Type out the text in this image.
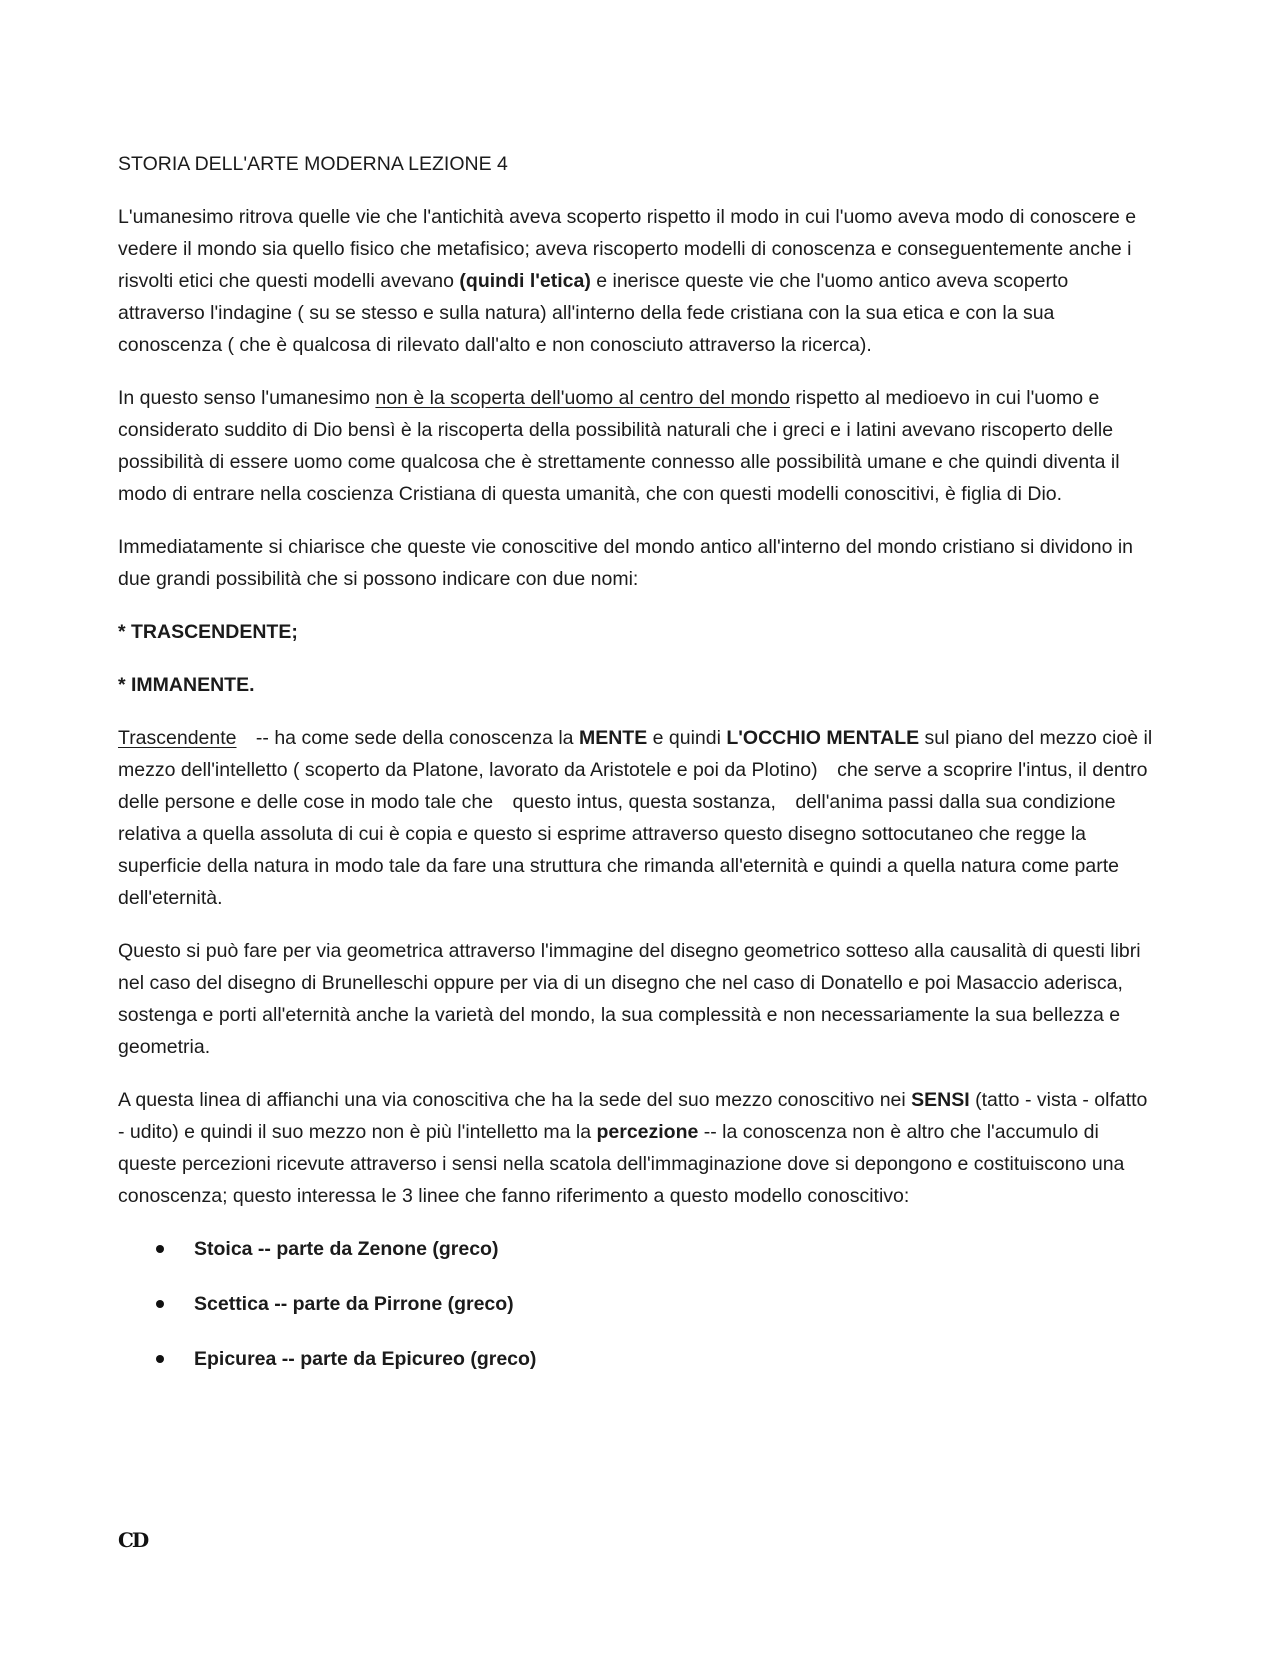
STORIA DELL'ARTE MODERNA LEZIONE 4

L'umanesimo ritrova quelle vie che l'antichità aveva scoperto rispetto il modo in cui l'uomo aveva modo di conoscere e vedere il mondo sia quello fisico che metafisico; aveva riscoperto modelli di conoscenza e conseguentemente anche i risvolti etici che questi modelli avevano (quindi l'etica) e inerisce queste vie che l'uomo antico aveva scoperto attraverso l'indagine ( su se stesso e sulla natura) all'interno della fede cristiana con la sua etica e con la sua conoscenza ( che è qualcosa di rilevato dall'alto e non conosciuto attraverso la ricerca).

In questo senso l'umanesimo non è la scoperta dell'uomo al centro del mondo rispetto al medioevo in cui l'uomo e considerato suddito di Dio bensì è la riscoperta della possibilità naturali che i greci e i latini avevano riscoperto delle possibilità di essere uomo come qualcosa che è strettamente connesso alle possibilità umane e che quindi diventa il modo di entrare nella coscienza Cristiana di questa umanità, che con questi modelli conoscitivi, è figlia di Dio.

Immediatamente si chiarisce che queste vie conoscitive del mondo antico all'interno del mondo cristiano si dividono in due grandi possibilità che si possono indicare con due nomi:

* TRASCENDENTE;

* IMMANENTE.

Trascendente -- ha come sede della conoscenza la MENTE e quindi L'OCCHIO MENTALE sul piano del mezzo cioè il mezzo dell'intelletto ( scoperto da Platone, lavorato da Aristotele e poi da Plotino) che serve a scoprire l'intus, il dentro delle persone e delle cose in modo tale che questo intus, questa sostanza, dell'anima passi dalla sua condizione relativa a quella assoluta di cui è copia e questo si esprime attraverso questo disegno sottocutaneo che regge la superficie della natura in modo tale da fare una struttura che rimanda all'eternità e quindi a quella natura come parte dell'eternità.

Questo si può fare per via geometrica attraverso l'immagine del disegno geometrico sotteso alla causalità di questi libri nel caso del disegno di Brunelleschi oppure per via di un disegno che nel caso di Donatello e poi Masaccio aderisca, sostenga e porti all'eternità anche la varietà del mondo, la sua complessità e non necessariamente la sua bellezza e geometria.

A questa linea di affianchi una via conoscitiva che ha la sede del suo mezzo conoscitivo nei SENSI (tatto - vista - olfatto - udito) e quindi il suo mezzo non è più l'intelletto ma la percezione -- la conoscenza non è altro che l'accumulo di queste percezioni ricevute attraverso i sensi nella scatola dell'immaginazione dove si depongono e costituiscono una conoscenza; questo interessa le 3 linee che fanno riferimento a questo modello conoscitivo:

Stoica -- parte da Zenone (greco)
Scettica -- parte da Pirrone (greco)
Epicurea -- parte da Epicureo (greco)
CD
